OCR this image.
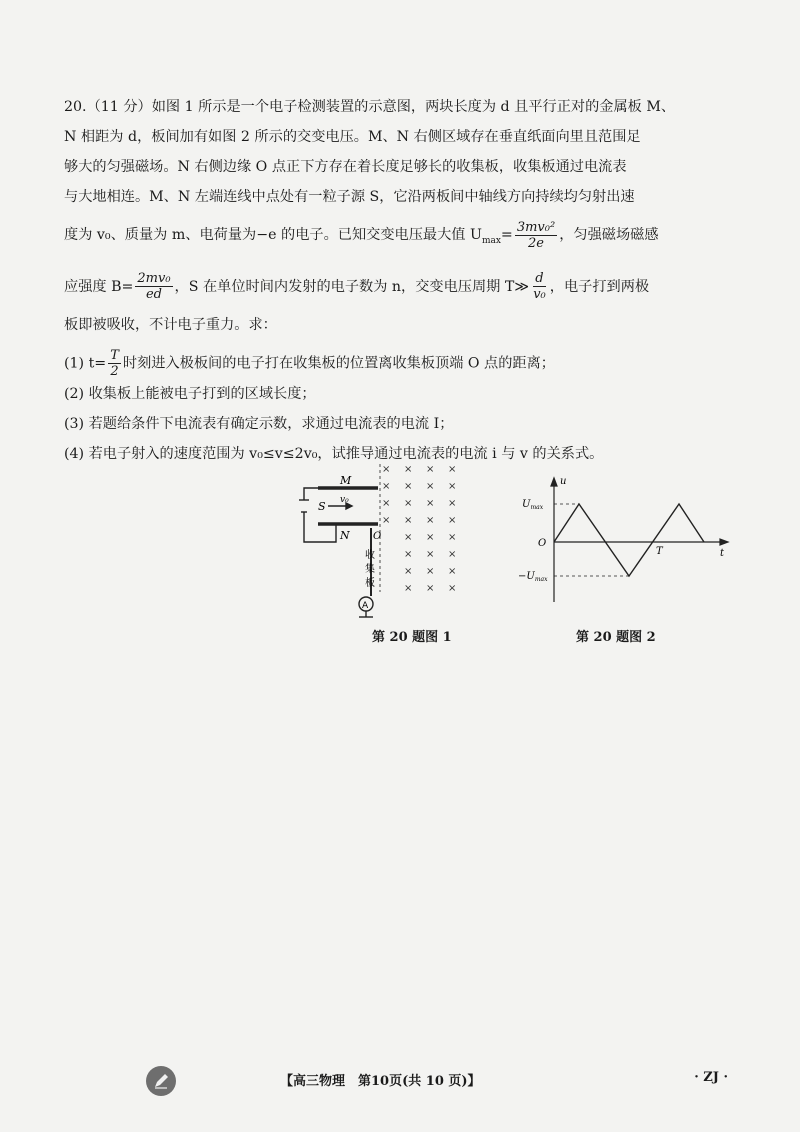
20.（11 分）如图 1 所示是一个电子检测装置的示意图，两块长度为 d 且平行正对的金属板 M、
N 相距为 d，板间加有如图 2 所示的交变电压。M、N 右侧区域存在垂直纸面向里且范围足
够大的匀强磁场。N 右侧边缘 O 点正下方存在着长度足够长的收集板，收集板通过电流表
与大地相连。M、N 左端连线中点处有一粒子源 S，它沿两板间中轴线方向持续均匀射出速
度为 v₀、质量为 m、电荷量为−e 的电子。已知交变电压最大值 $U_{max}= \frac{\text{3mv₀²}}{2e}$ ，匀强磁场磁感
应强度 $B= \frac{\text{2mv₀}}{ed}$ ，S 在单位时间内发射的电子数为 n，交变电压周期 T≫ $\frac{d}{\text{v₀}}$ ，电子打到两极
板即被吸收，不计电子重力。求：
(1) $t= \frac{T}{2}$ 时刻进入极板间的电子打在收集板的位置离收集板顶端 O 点的距离；
(2) 收集板上能被电子打到的区域长度；
(3) 若题给条件下电流表有确定示数，求通过电流表的电流 I；
(4) 若电子射入的速度范围为 v₀≤v≤2v₀，试推导通过电流表的电流 i 与 v 的关系式。
M
N
S v₀
O
收
集
板
A
× × × ×
× × × ×
× × × ×
× × × ×
× × ×
× × ×
× × ×
× × ×
第 20 题图 1
u
t
O
$U_{max}$
$-U_{max}$
T
第 20 题图 2
【高三物理　第10页(共 10 页)】	· ZJ ·
